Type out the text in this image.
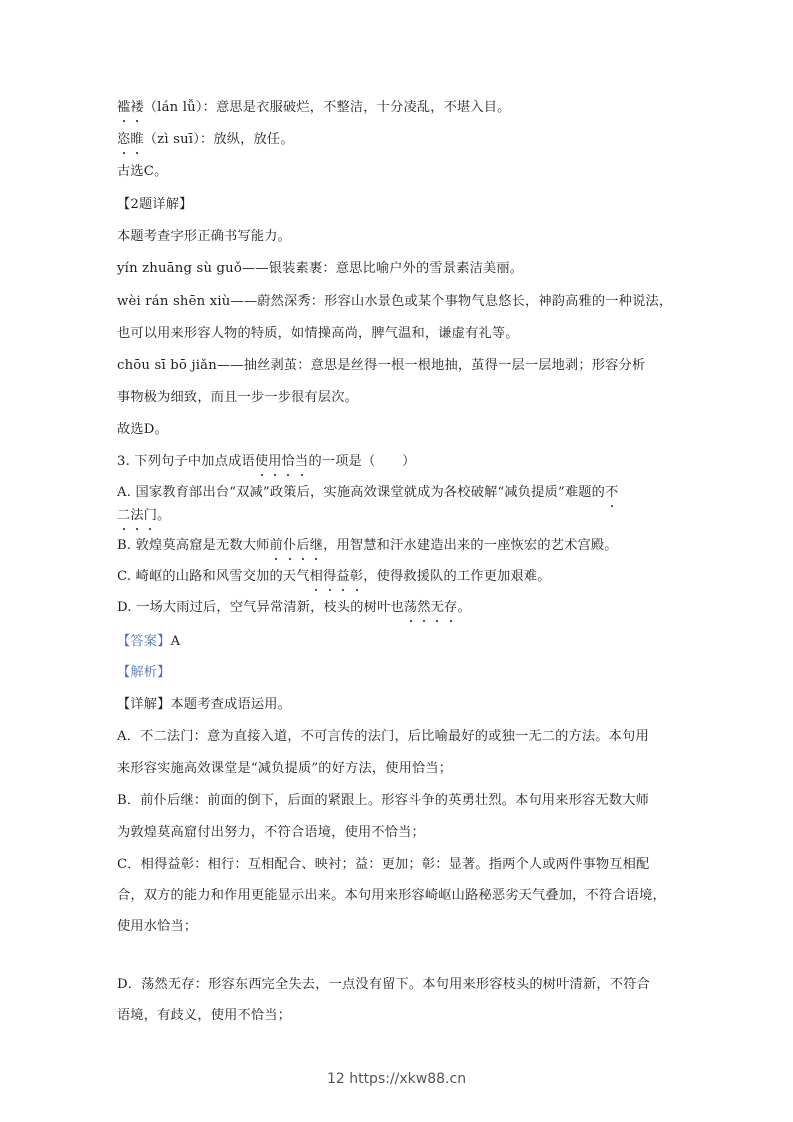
褴褛（lán lǚ）：意思是衣服破烂，不整洁，十分凌乱，不堪入目。
恣睢（zì suī）：放纵，放任。
古选C。
【2题详解】
本题考查字形正确书写能力。
yín zhuāng sù guǒ——银装素裹：意思比喻户外的雪景素洁美丽。
wèi rán shēn xiù——蔚然深秀：形容山水景色或某个事物气息悠长，神韵高雅的一种说法，
也可以用来形容人物的特质，如情操高尚，脾气温和，谦虚有礼等。
chōu sī bō jiǎn——抽丝剥茧：意思是丝得一根一根地抽，茧得一层一层地剥；形容分析
事物极为细致，而且一步一步很有层次。
故选D。
3. 下列句子中加点成语使用恰当的一项是（　　）
A. 国家教育部出台“双减”政策后，实施高效课堂就成为各校破解“减负提质”难题的不
二法门。
B. 敦煌莫高窟是无数大师前仆后继，用智慧和汗水建造出来的一座恢宏的艺术宫殿。
C. 崎岖的山路和风雪交加的天气相得益彰，使得救援队的工作更加艰难。
D. 一场大雨过后，空气异常清新，枝头的树叶也荡然无存。
【答案】A
【解析】
【详解】本题考查成语运用。
A．不二法门：意为直接入道，不可言传的法门，后比喻最好的或独一无二的方法。本句用
来形容实施高效课堂是“减负提质”的好方法，使用恰当；
B．前仆后继：前面的倒下，后面的紧跟上。形容斗争的英勇壮烈。本句用来形容无数大师
为敦煌莫高窟付出努力，不符合语境，使用不恰当；
C．相得益彰：相行：互相配合、映衬；益：更加；彰：显著。指两个人或两件事物互相配
合，双方的能力和作用更能显示出来。本句用来形容崎岖山路秘恶劣天气叠加，不符合语境，
使用水恰当；
D．荡然无存：形容东西完全失去，一点没有留下。本句用来形容枝头的树叶清新，不符合
语境，有歧义，使用不恰当；
12 https://xkw88.cn
